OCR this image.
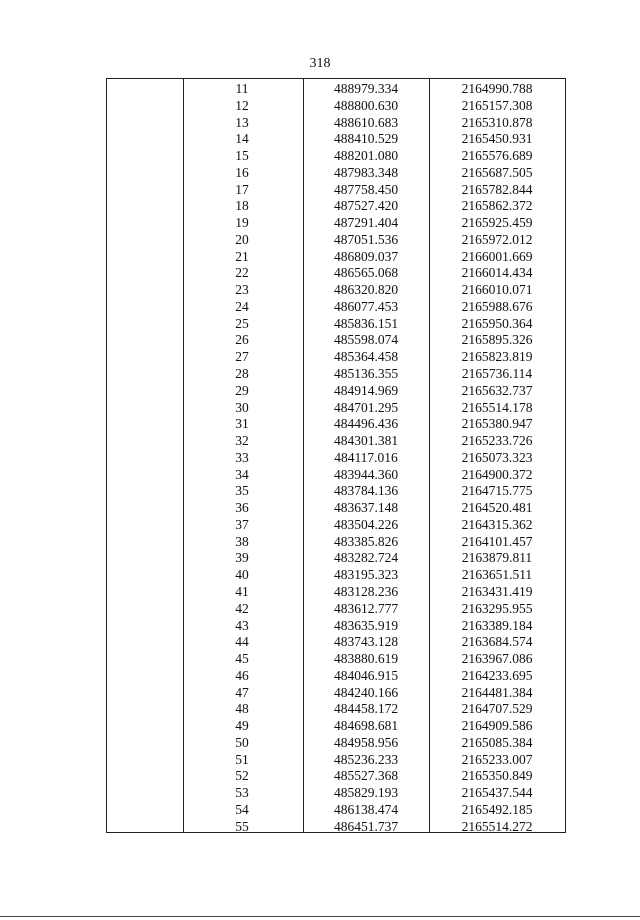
318
11	488979.334	2164990.788
12	488800.630	2165157.308
13	488610.683	2165310.878
14	488410.529	2165450.931
15	488201.080	2165576.689
16	487983.348	2165687.505
17	487758.450	2165782.844
18	487527.420	2165862.372
19	487291.404	2165925.459
20	487051.536	2165972.012
21	486809.037	2166001.669
22	486565.068	2166014.434
23	486320.820	2166010.071
24	486077.453	2165988.676
25	485836.151	2165950.364
26	485598.074	2165895.326
27	485364.458	2165823.819
28	485136.355	2165736.114
29	484914.969	2165632.737
30	484701.295	2165514.178
31	484496.436	2165380.947
32	484301.381	2165233.726
33	484117.016	2165073.323
34	483944.360	2164900.372
35	483784.136	2164715.775
36	483637.148	2164520.481
37	483504.226	2164315.362
38	483385.826	2164101.457
39	483282.724	2163879.811
40	483195.323	2163651.511
41	483128.236	2163431.419
42	483612.777	2163295.955
43	483635.919	2163389.184
44	483743.128	2163684.574
45	483880.619	2163967.086
46	484046.915	2164233.695
47	484240.166	2164481.384
48	484458.172	2164707.529
49	484698.681	2164909.586
50	484958.956	2165085.384
51	485236.233	2165233.007
52	485527.368	2165350.849
53	485829.193	2165437.544
54	486138.474	2165492.185
55	486451.737	2165514.272
